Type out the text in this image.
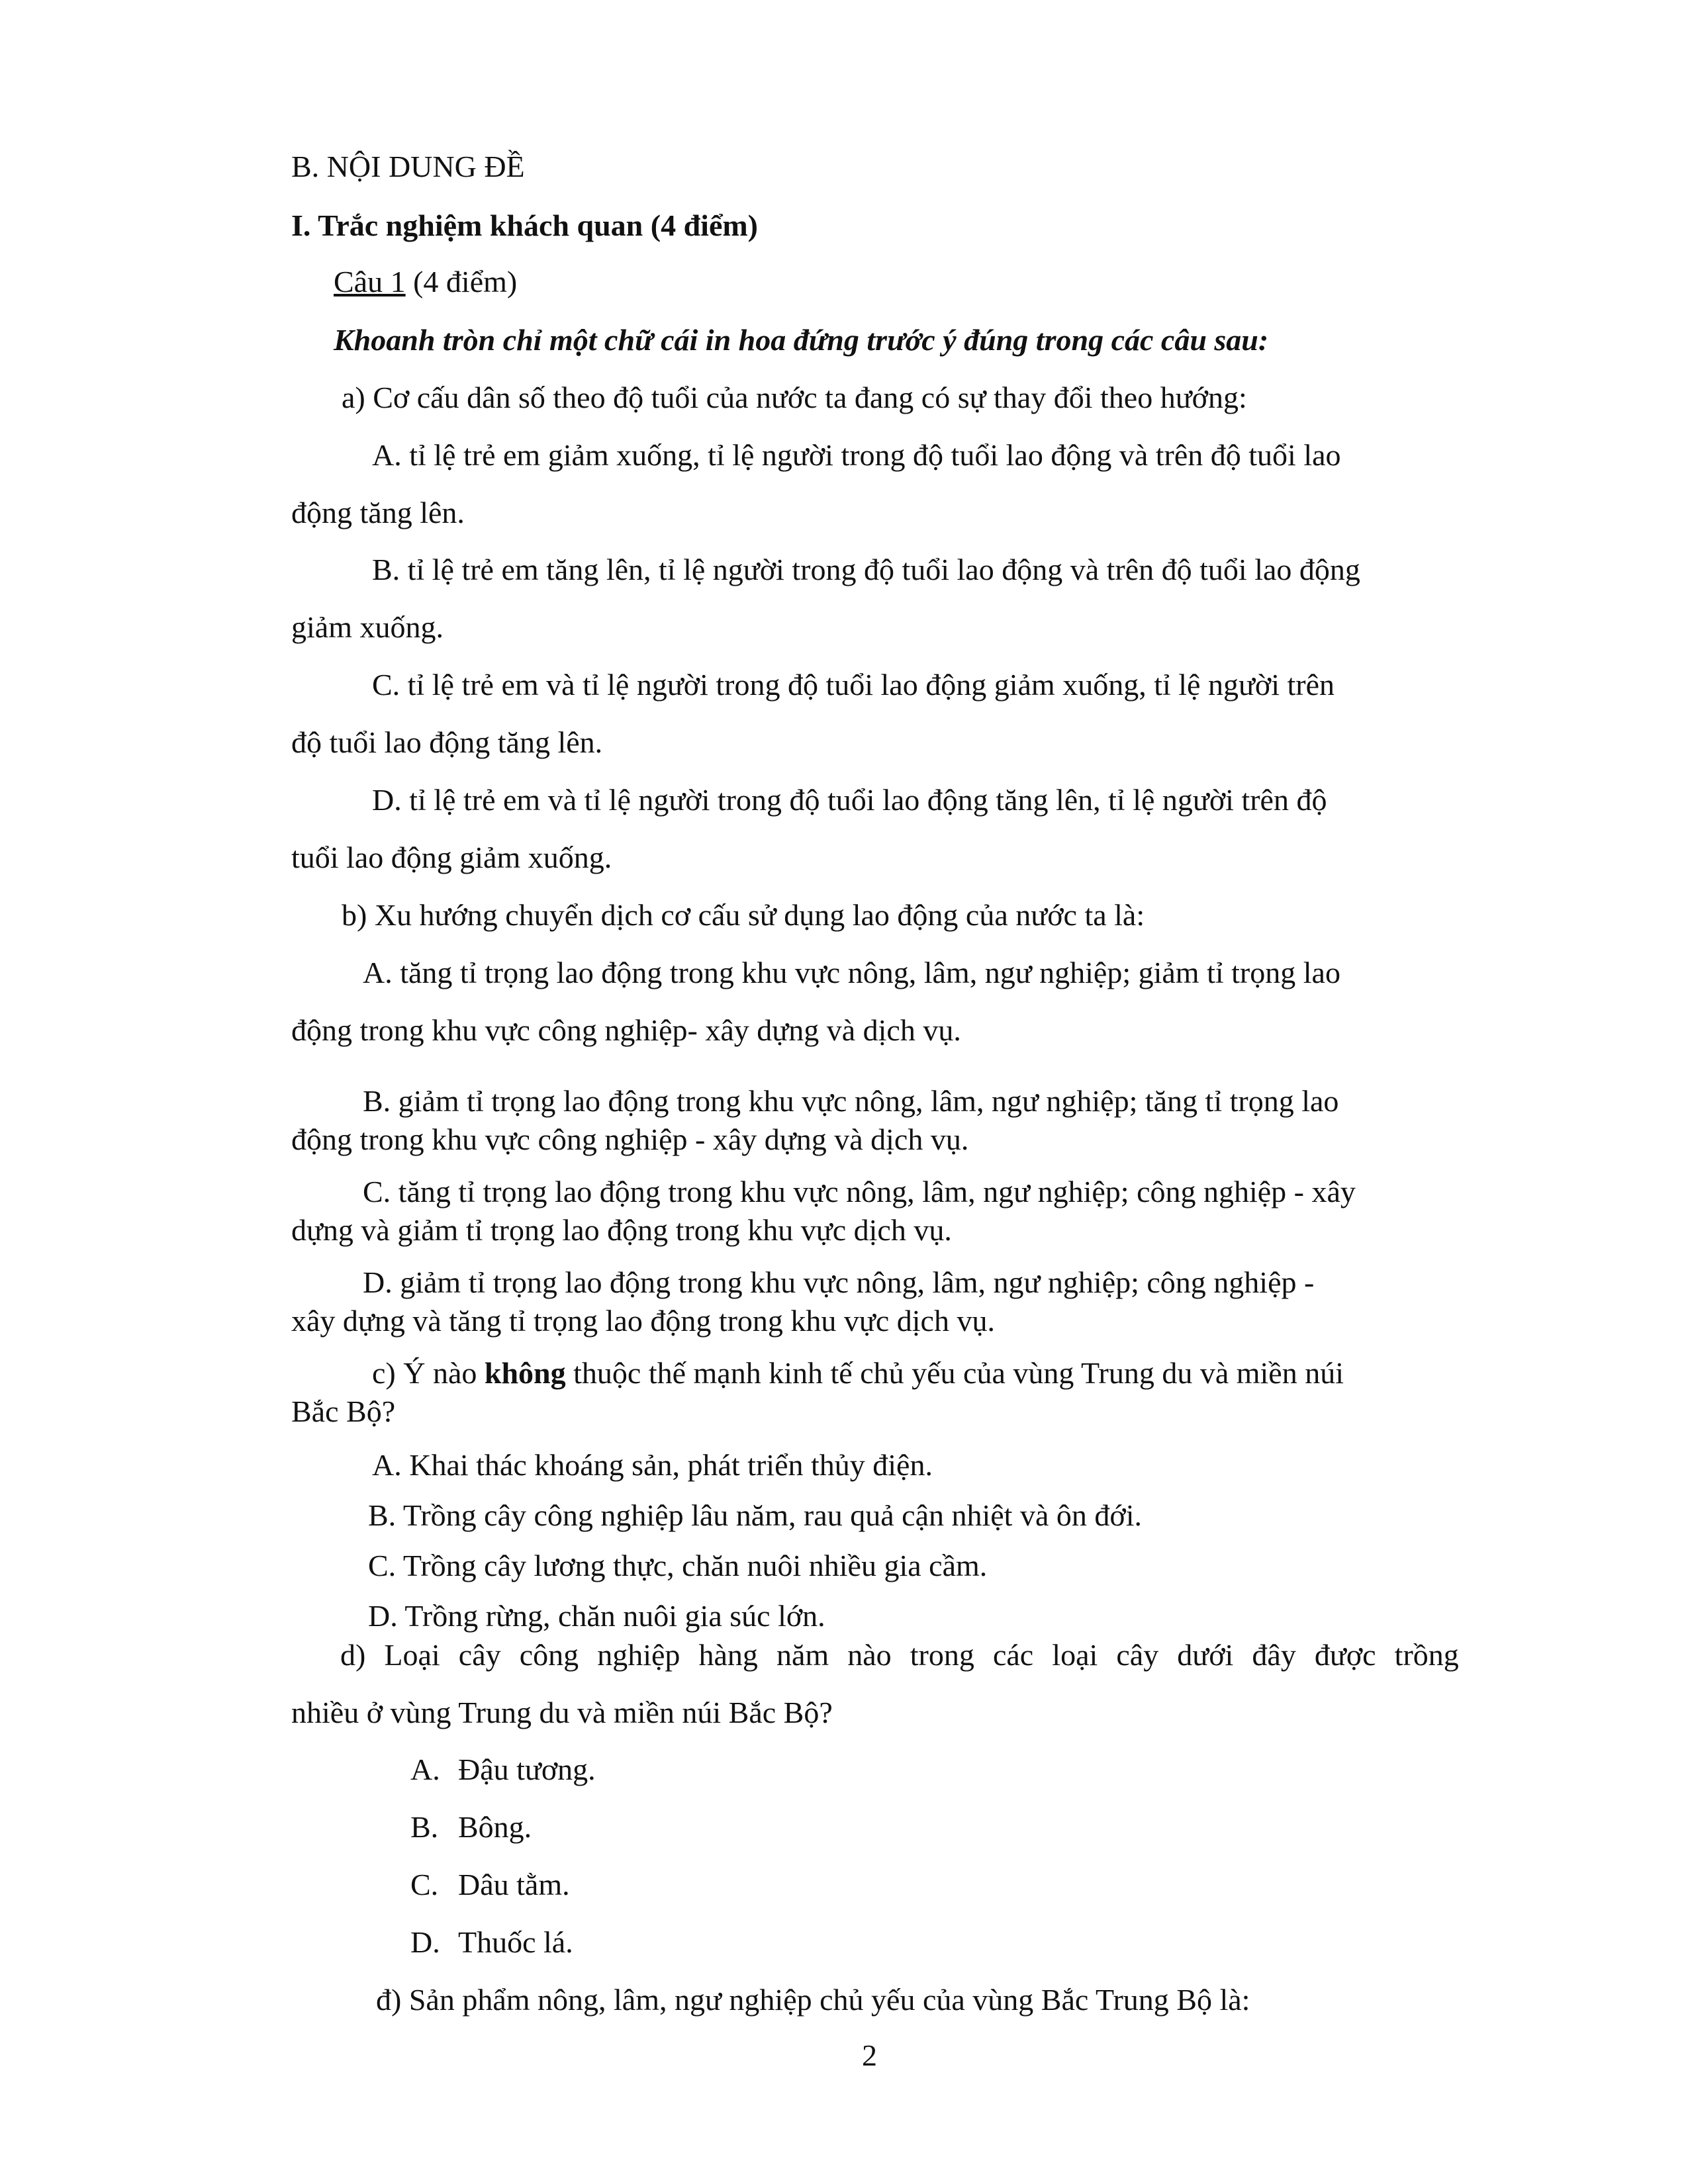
B. NỘI DUNG ĐỀ
I. Trắc nghiệm khách quan (4 điểm)
Câu 1 (4 điểm)
Khoanh tròn chỉ một chữ cái in hoa đứng trước ý đúng trong các câu sau:
a) Cơ cấu dân số theo độ tuổi của nước ta đang có sự thay đổi theo hướng:
A. tỉ lệ trẻ em giảm xuống, tỉ lệ người trong độ tuổi lao động và trên độ tuổi lao
động tăng lên.
B. tỉ lệ trẻ em tăng lên, tỉ lệ người trong độ tuổi lao động và trên độ tuổi lao động
giảm xuống.
C. tỉ lệ trẻ em và tỉ lệ người trong độ tuổi lao động giảm xuống, tỉ lệ người trên
độ tuổi lao động tăng lên.
D. tỉ lệ trẻ em và tỉ lệ người trong độ tuổi lao động tăng lên, tỉ lệ người trên độ
tuổi lao động giảm xuống.
b) Xu hướng chuyển dịch cơ cấu sử dụng lao động của nước ta là:
A. tăng tỉ trọng lao động trong khu vực nông, lâm, ngư nghiệp; giảm tỉ trọng lao
động trong khu vực công nghiệp- xây dựng và dịch vụ.
B. giảm tỉ trọng lao động trong khu vực nông, lâm, ngư nghiệp; tăng tỉ trọng lao
động trong khu vực công nghiệp - xây dựng và dịch vụ.
C. tăng tỉ trọng lao động trong khu vực nông, lâm, ngư nghiệp; công nghiệp - xây
dựng và giảm tỉ trọng lao động trong khu vực dịch vụ.
D. giảm tỉ trọng lao động trong khu vực nông, lâm, ngư nghiệp; công nghiệp -
xây dựng và tăng tỉ trọng lao động trong khu vực dịch vụ.
c) Ý nào không thuộc thế mạnh kinh tế chủ yếu của vùng Trung du và miền núi
Bắc Bộ?
A. Khai thác khoáng sản, phát triển thủy điện.
B. Trồng cây công nghiệp lâu năm, rau quả cận nhiệt và ôn đới.
C. Trồng cây lương thực, chăn nuôi nhiều gia cầm.
D. Trồng rừng, chăn nuôi gia súc lớn.
d) Loại cây công nghiệp hàng năm nào trong các loại cây dưới đây được trồng
nhiều ở vùng Trung du và miền núi Bắc Bộ?
A. Đậu tương.
B. Bông.
C. Dâu tằm.
D. Thuốc lá.
đ) Sản phẩm nông, lâm, ngư nghiệp chủ yếu của vùng Bắc Trung Bộ là:
2
